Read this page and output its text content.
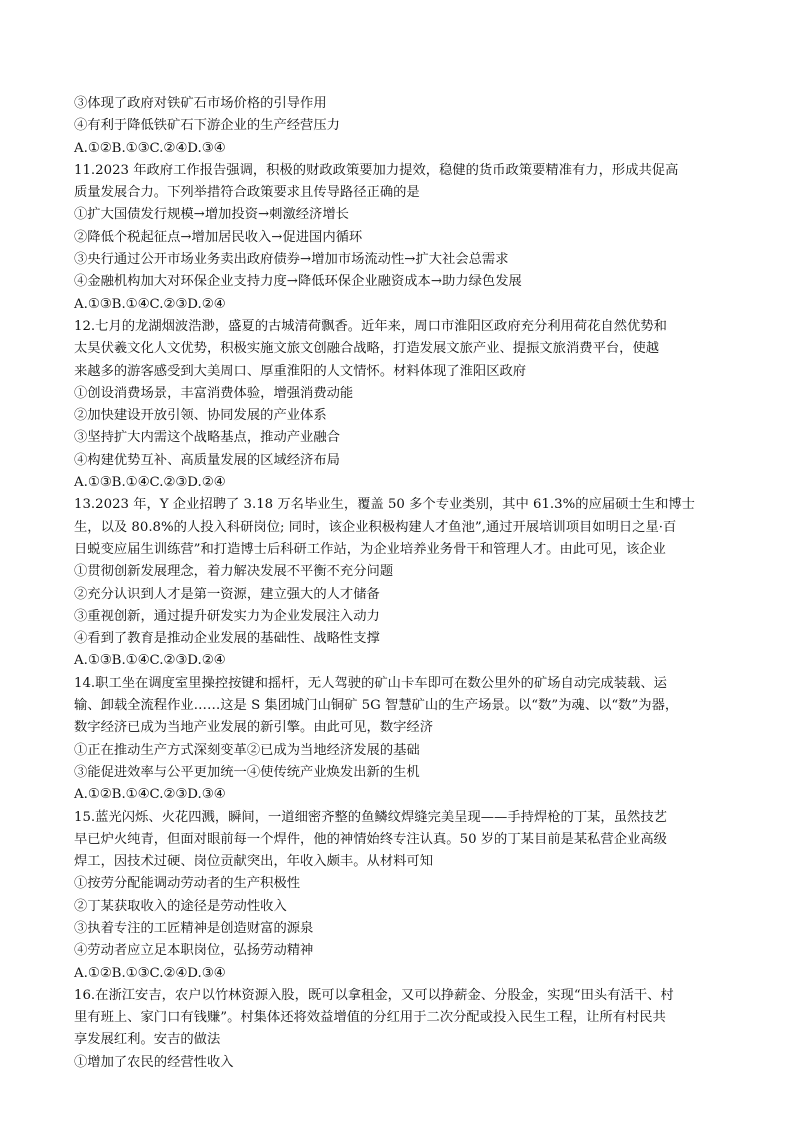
③体现了政府对铁矿石市场价格的引导作用
④有利于降低铁矿石下游企业的生产经营压力
A.①②B.①③C.②④D.③④
11.2023 年政府工作报告强调，积极的财政政策要加力提效，稳健的货币政策要精准有力，形成共促高
质量发展合力。下列举措符合政策要求且传导路径正确的是
①扩大国债发行规模→增加投资→刺激经济增长
②降低个税起征点→增加居民收入→促进国内循环
③央行通过公开市场业务卖出政府债券→增加市场流动性→扩大社会总需求
④金融机构加大对环保企业支持力度→降低环保企业融资成本→助力绿色发展
A.①③B.①④C.②③D.②④
12.七月的龙湖烟波浩渺，盛夏的古城清荷飘香。近年来，周口市淮阳区政府充分利用荷花自然优势和
太昊伏羲文化人文优势，积极实施文旅文创融合战略，打造发展文旅产业、提振文旅消费平台，使越
来越多的游客感受到大美周口、厚重淮阳的人文情怀。材料体现了淮阳区政府
①创设消费场景，丰富消费体验，增强消费动能
②加快建设开放引领、协同发展的产业体系
③坚持扩大内需这个战略基点，推动产业融合
④构建优势互补、高质量发展的区域经济布局
A.①③B.①④C.②③D.②④
13.2023 年，Y 企业招聘了 3.18 万名毕业生，覆盖 50 多个专业类别，其中 61.3%的应届硕士生和博士
生，以及 80.8%的人投入科研岗位; 同时，该企业积极构建人才鱼池”,通过开展培训项目如明日之星·百
日蜕变应届生训练营”和打造博士后科研工作站，为企业培养业务骨干和管理人才。由此可见，该企业
①贯彻创新发展理念，着力解决发展不平衡不充分问题
②充分认识到人才是第一资源，建立强大的人才储备
③重视创新，通过提升研发实力为企业发展注入动力
④看到了教育是推动企业发展的基础性、战略性支撑
A.①③B.①④C.②③D.②④
14.职工坐在调度室里操控按键和摇杆，无人驾驶的矿山卡车即可在数公里外的矿场自动完成装载、运
输、卸载全流程作业……这是 S 集团城门山铜矿 5G 智慧矿山的生产场景。以“数”为魂、以“数”为器，
数字经济已成为当地产业发展的新引擎。由此可见，数字经济
①正在推动生产方式深刻变革②已成为当地经济发展的基础
③能促进效率与公平更加统一④使传统产业焕发出新的生机
A.①②B.①④C.②③D.③④
15.蓝光闪烁、火花四溅，瞬间，一道细密齐整的鱼鳞纹焊缝完美呈现——手持焊枪的丁某，虽然技艺
早已炉火纯青，但面对眼前每一个焊件，他的神情始终专注认真。50 岁的丁某目前是某私营企业高级
焊工，因技术过硬、岗位贡献突出，年收入颇丰。从材料可知
①按劳分配能调动劳动者的生产积极性
②丁某获取收入的途径是劳动性收入
③执着专注的工匠精神是创造财富的源泉
④劳动者应立足本职岗位，弘扬劳动精神
A.①②B.①③C.②④D.③④
16.在浙江安吉，农户以竹林资源入股，既可以拿租金，又可以挣薪金、分股金，实现“田头有活干、村
里有班上、家门口有钱赚”。村集体还将效益增值的分红用于二次分配或投入民生工程，让所有村民共
享发展红利。安吉的做法
①增加了农民的经营性收入
